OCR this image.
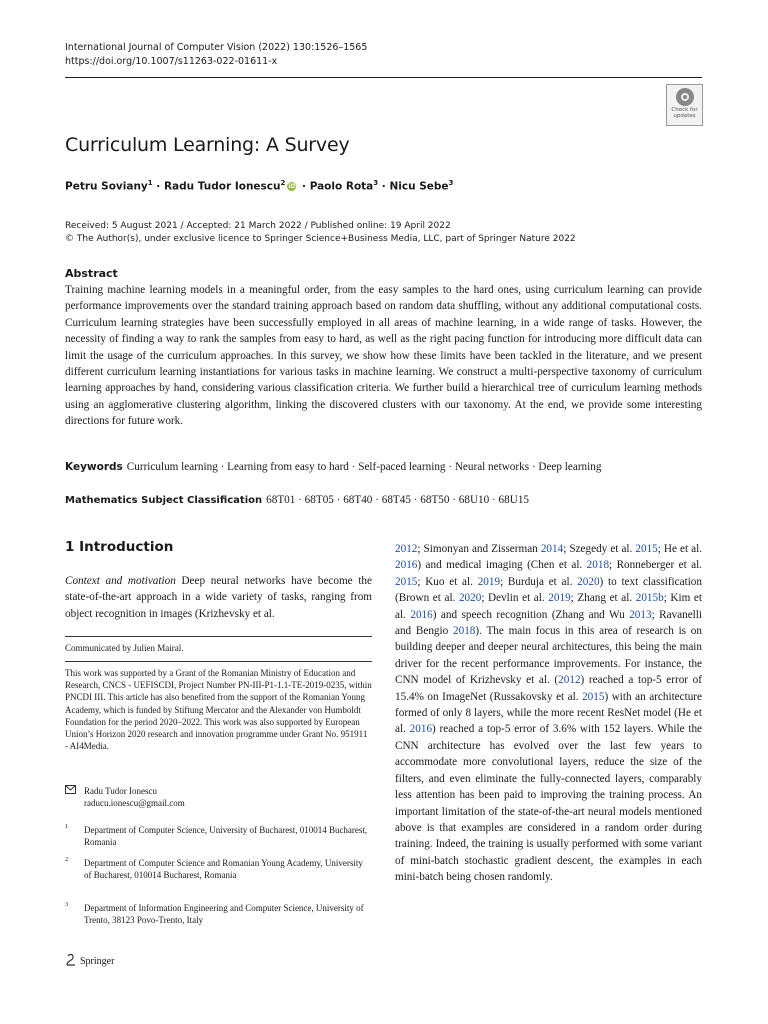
International Journal of Computer Vision (2022) 130:1526–1565
https://doi.org/10.1007/s11263-022-01611-x
Check for
updates
Curriculum Learning: A Survey
Petru Soviany$^1$ · Radu Tudor Ionescu$^2$ iD · Paolo Rota$^3$ · Nicu Sebe$^3$
Received: 5 August 2021 / Accepted: 21 March 2022 / Published online: 19 April 2022
© The Author(s), under exclusive licence to Springer Science+Business Media, LLC, part of Springer Nature 2022
Abstract
Training machine learning models in a meaningful order, from the easy samples to the hard ones, using curriculum learning can provide performance improvements over the standard training approach based on random data shuffling, without any additional computational costs. Curriculum learning strategies have been successfully employed in all areas of machine learning, in a wide range of tasks. However, the necessity of finding a way to rank the samples from easy to hard, as well as the right pacing function for introducing more difficult data can limit the usage of the curriculum approaches. In this survey, we show how these limits have been tackled in the literature, and we present different curriculum learning instantiations for various tasks in machine learning. We construct a multi-perspective taxonomy of curriculum learning approaches by hand, considering various classification criteria. We further build a hierarchical tree of curriculum learning methods using an agglomerative clustering algorithm, linking the discovered clusters with our taxonomy. At the end, we provide some interesting directions for future work.
Keywords Curriculum learning · Learning from easy to hard · Self-paced learning · Neural networks · Deep learning
Mathematics Subject Classification 68T01 · 68T05 · 68T40 · 68T45 · 68T50 · 68U10 · 68U15
1 Introduction
Context and motivation Deep neural networks have become the state-of-the-art approach in a wide variety of tasks, ranging from object recognition in images (Krizhevsky et al.
Communicated by Julien Mairal.
This work was supported by a Grant of the Romanian Ministry of Education and Research, CNCS - UEFISCDI, Project Number PN-III-P1-1.1-TE-2019-0235, within PNCDI III. This article has also benefited from the support of the Romanian Young Academy, which is funded by Stiftung Mercator and the Alexander von Humboldt Foundation for the period 2020–2022. This work was also supported by European Union’s Horizon 2020 research and innovation programme under Grant No. 951911 - AI4Media.
Radu Tudor Ionescu
raducu.ionescu@gmail.com
1 Department of Computer Science, University of Bucharest, 010014 Bucharest, Romania
2 Department of Computer Science and Romanian Young Academy, University of Bucharest, 010014 Bucharest, Romania
3 Department of Information Engineering and Computer Science, University of Trento, 38123 Povo-Trento, Italy
2012; Simonyan and Zisserman 2014; Szegedy et al. 2015; He et al. 2016) and medical imaging (Chen et al. 2018; Ronneberger et al. 2015; Kuo et al. 2019; Burduja et al. 2020) to text classification (Brown et al. 2020; Devlin et al. 2019; Zhang et al. 2015b; Kim et al. 2016) and speech recognition (Zhang and Wu 2013; Ravanelli and Bengio 2018). The main focus in this area of research is on building deeper and deeper neural architectures, this being the main driver for the recent performance improvements. For instance, the CNN model of Krizhevsky et al. (2012) reached a top-5 error of 15.4% on ImageNet (Russakovsky et al. 2015) with an architecture formed of only 8 layers, while the more recent ResNet model (He et al. 2016) reached a top-5 error of 3.6% with 152 layers. While the CNN architecture has evolved over the last few years to accommodate more convolutional layers, reduce the size of the filters, and even eliminate the fully-connected layers, comparably less attention has been paid to improving the training process. An important limitation of the state-of-the-art neural models mentioned above is that examples are considered in a random order during training. Indeed, the training is usually performed with some variant of mini-batch stochastic gradient descent, the examples in each mini-batch being chosen randomly.
Springer
